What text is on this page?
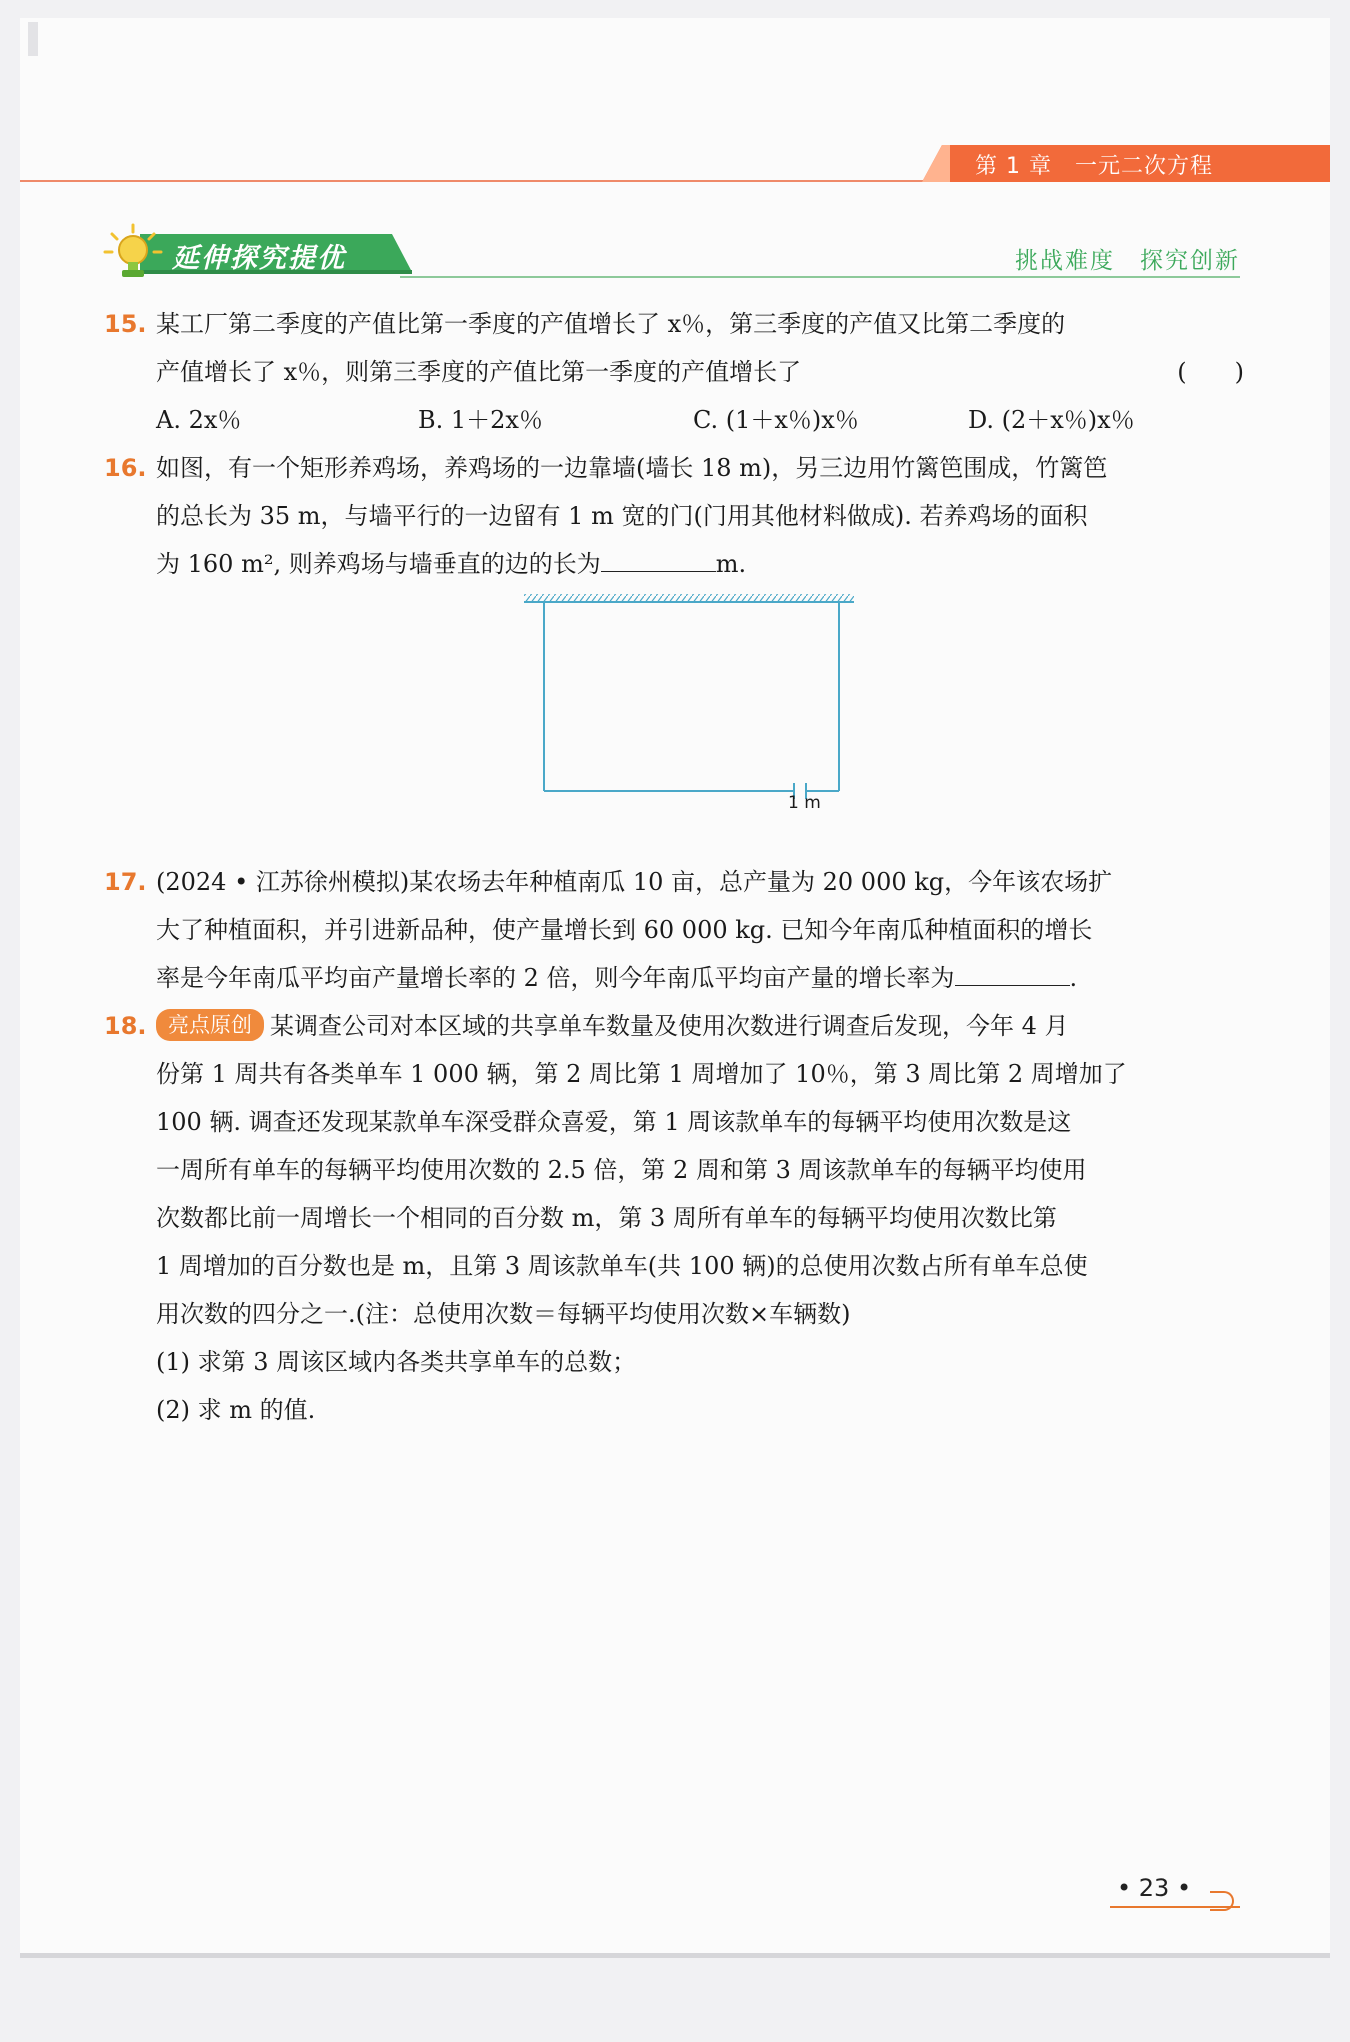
第 1 章　一元二次方程
延伸探究提优	挑战难度　探究创新
15. 某工厂第二季度的产值比第一季度的产值增长了 x％，第三季度的产值又比第二季度的
产值增长了 x％，则第三季度的产值比第一季度的产值增长了	(　　)
A. 2x％	B. 1＋2x％	C. (1＋x％)x％	D. (2＋x％)x％
16. 如图，有一个矩形养鸡场，养鸡场的一边靠墙(墙长 18 m)，另三边用竹篱笆围成，竹篱笆
的总长为 35 m，与墙平行的一边留有 1 m 宽的门(门用其他材料做成). 若养鸡场的面积
为 160 m², 则养鸡场与墙垂直的边的长为	m.
1 m
17. (2024 • 江苏徐州模拟)某农场去年种植南瓜 10 亩，总产量为 20 000 kg，今年该农场扩
大了种植面积，并引进新品种，使产量增长到 60 000 kg. 已知今年南瓜种植面积的增长
率是今年南瓜平均亩产量增长率的 2 倍，则今年南瓜平均亩产量的增长率为	.
18.	亮点原创 某调查公司对本区域的共享单车数量及使用次数进行调查后发现，今年 4 月
份第 1 周共有各类单车 1 000 辆，第 2 周比第 1 周增加了 10％，第 3 周比第 2 周增加了
100 辆. 调查还发现某款单车深受群众喜爱，第 1 周该款单车的每辆平均使用次数是这
一周所有单车的每辆平均使用次数的 2.5 倍，第 2 周和第 3 周该款单车的每辆平均使用
次数都比前一周增长一个相同的百分数 m，第 3 周所有单车的每辆平均使用次数比第
1 周增加的百分数也是 m，且第 3 周该款单车(共 100 辆)的总使用次数占所有单车总使
用次数的四分之一.(注：总使用次数＝每辆平均使用次数×车辆数)
(1) 求第 3 周该区域内各类共享单车的总数；
(2) 求 m 的值.
• 23 •
